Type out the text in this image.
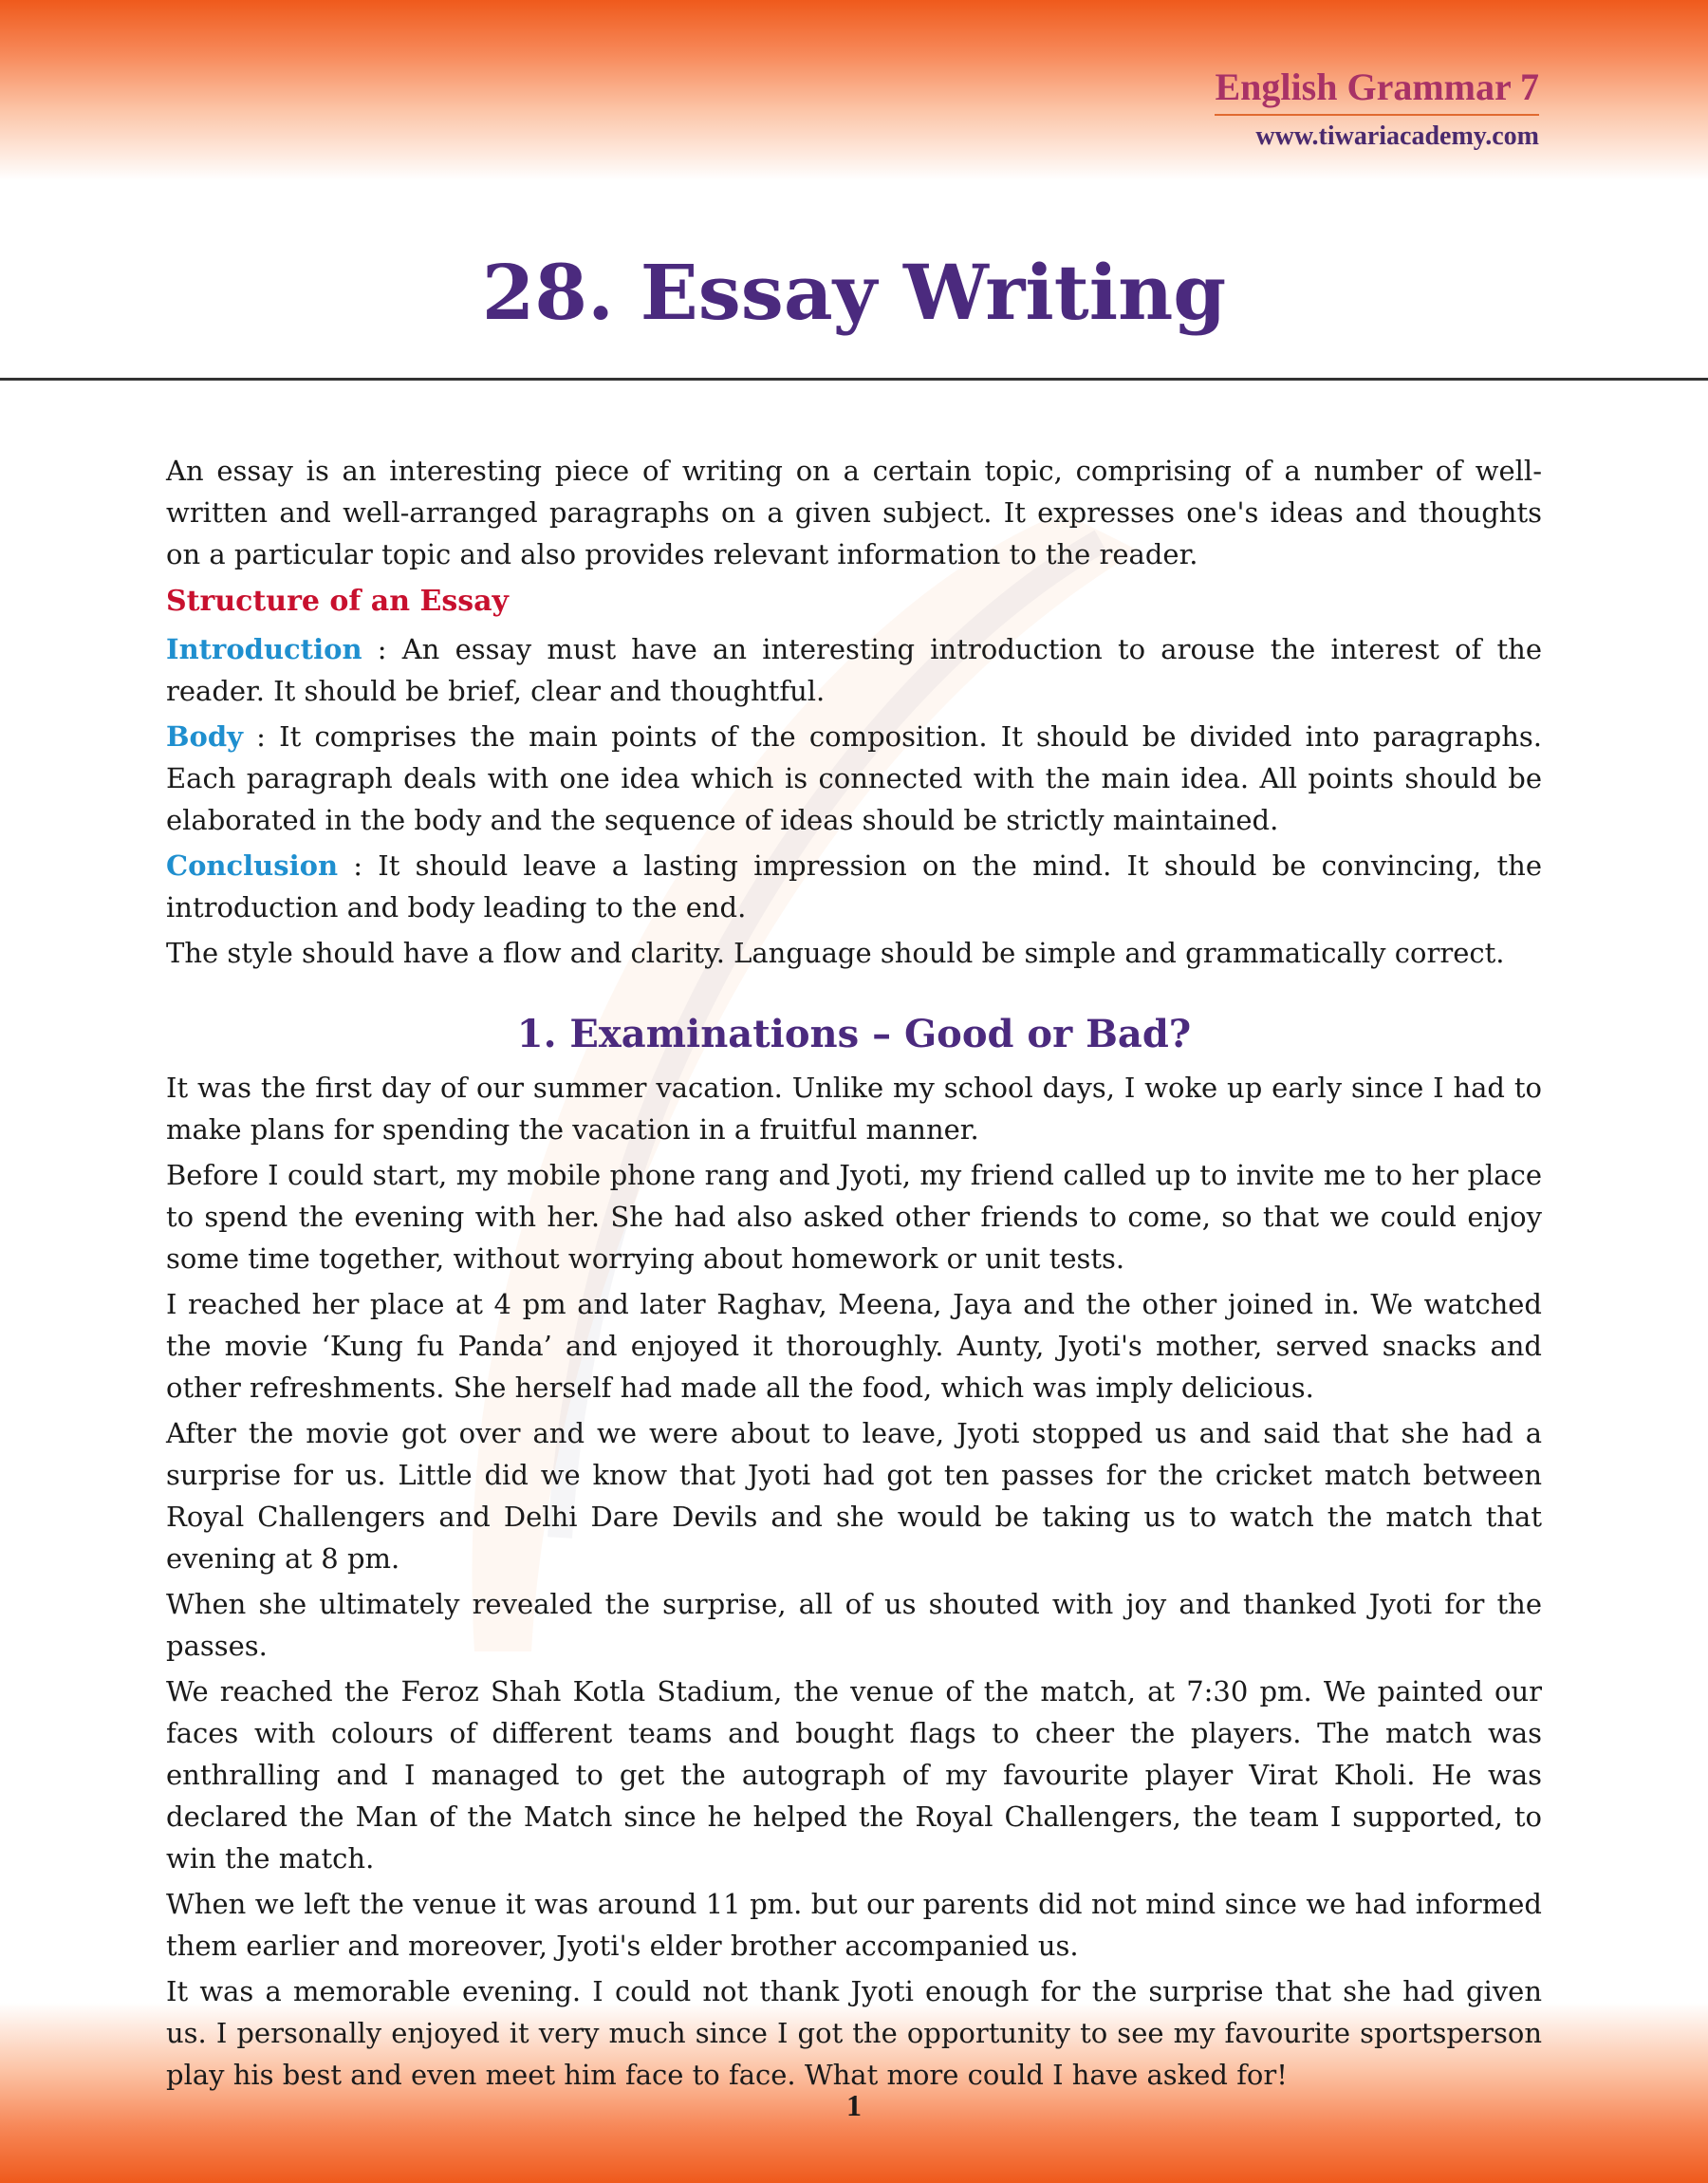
English Grammar 7
www.tiwariacademy.com
28. Essay Writing

An essay is an interesting piece of writing on a certain topic, comprising of a number of well-written and well-arranged paragraphs on a given subject. It expresses one's ideas and thoughts on a particular topic and also provides relevant information to the reader.

Structure of an Essay

Introduction : An essay must have an interesting introduction to arouse the interest of the reader. It should be brief, clear and thoughtful.

Body : It comprises the main points of the composition. It should be divided into paragraphs. Each paragraph deals with one idea which is connected with the main idea. All points should be elaborated in the body and the sequence of ideas should be strictly maintained.

Conclusion : It should leave a lasting impression on the mind. It should be convincing, the introduction and body leading to the end.

The style should have a flow and clarity. Language should be simple and grammatically correct.

1. Examinations – Good or Bad?

It was the first day of our summer vacation. Unlike my school days, I woke up early since I had to make plans for spending the vacation in a fruitful manner.

Before I could start, my mobile phone rang and Jyoti, my friend called up to invite me to her place to spend the evening with her. She had also asked other friends to come, so that we could enjoy some time together, without worrying about homework or unit tests.

I reached her place at 4 pm and later Raghav, Meena, Jaya and the other joined in. We watched the movie ‘Kung fu Panda’ and enjoyed it thoroughly. Aunty, Jyoti's mother, served snacks and other refreshments. She herself had made all the food, which was imply delicious.

After the movie got over and we were about to leave, Jyoti stopped us and said that she had a surprise for us. Little did we know that Jyoti had got ten passes for the cricket match between Royal Challengers and Delhi Dare Devils and she would be taking us to watch the match that evening at 8 pm.

When she ultimately revealed the surprise, all of us shouted with joy and thanked Jyoti for the passes.

We reached the Feroz Shah Kotla Stadium, the venue of the match, at 7:30 pm. We painted our faces with colours of different teams and bought flags to cheer the players. The match was enthralling and I managed to get the autograph of my favourite player Virat Kholi. He was declared the Man of the Match since he helped the Royal Challengers, the team I supported, to win the match.

When we left the venue it was around 11 pm. but our parents did not mind since we had informed them earlier and moreover, Jyoti's elder brother accompanied us.

It was a memorable evening. I could not thank Jyoti enough for the surprise that she had given us. I personally enjoyed it very much since I got the opportunity to see my favourite sportsperson play his best and even meet him face to face. What more could I have asked for!

1
